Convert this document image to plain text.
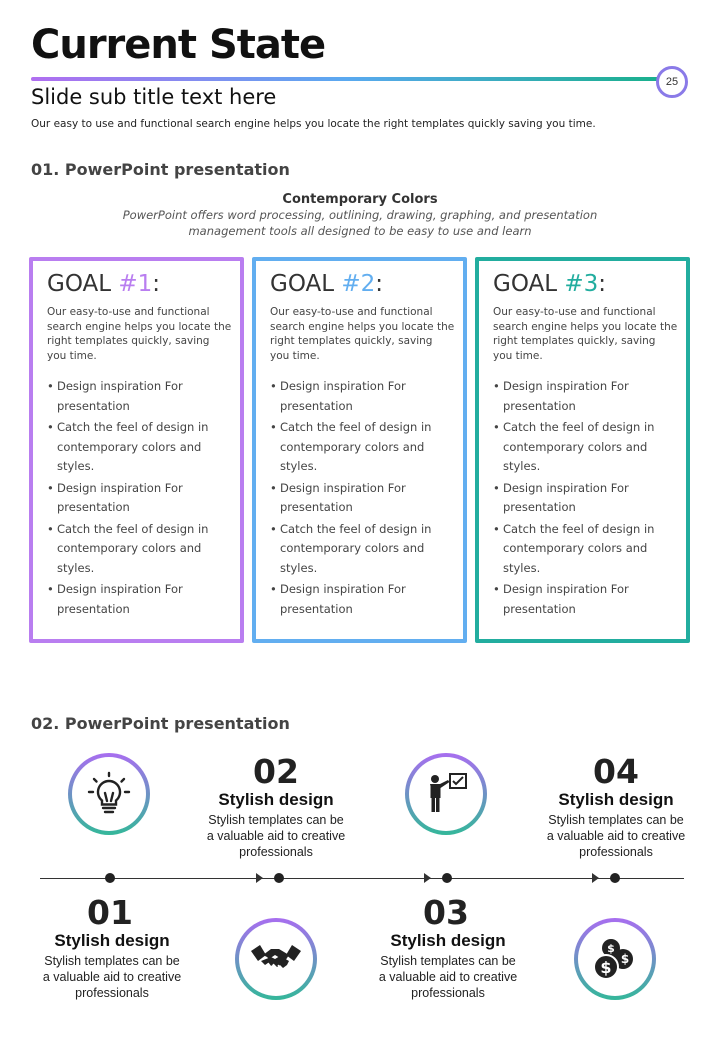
Current State
25
Slide sub title text here
Our easy to use and functional search engine helps you locate the right templates quickly saving you time.
01. PowerPoint presentation
Contemporary Colors
PowerPoint offers word processing, outlining, drawing, graphing, and presentation management tools all designed to be easy to use and learn
GOAL #1:
Our easy-to-use and functional search engine helps you locate the right templates quickly, saving you time.
• Design inspiration For presentation
• Catch the feel of design in contemporary colors and styles.
• Design inspiration For presentation
• Catch the feel of design in contemporary colors and styles.
• Design inspiration For presentation
GOAL #2:
Our easy-to-use and functional search engine helps you locate the right templates quickly, saving you time.
• Design inspiration For presentation
• Catch the feel of design in contemporary colors and styles.
• Design inspiration For presentation
• Catch the feel of design in contemporary colors and styles.
• Design inspiration For presentation
GOAL #3:
Our easy-to-use and functional search engine helps you locate the right templates quickly, saving you time.
• Design inspiration For presentation
• Catch the feel of design in contemporary colors and styles.
• Design inspiration For presentation
• Catch the feel of design in contemporary colors and styles.
• Design inspiration For presentation
02. PowerPoint presentation
$
$
$
02
Stylish design
Stylish templates can be a valuable aid to creative professionals
04
Stylish design
Stylish templates can be a valuable aid to creative professionals
01
Stylish design
Stylish templates can be a valuable aid to creative professionals
03
Stylish design
Stylish templates can be a valuable aid to creative professionals
